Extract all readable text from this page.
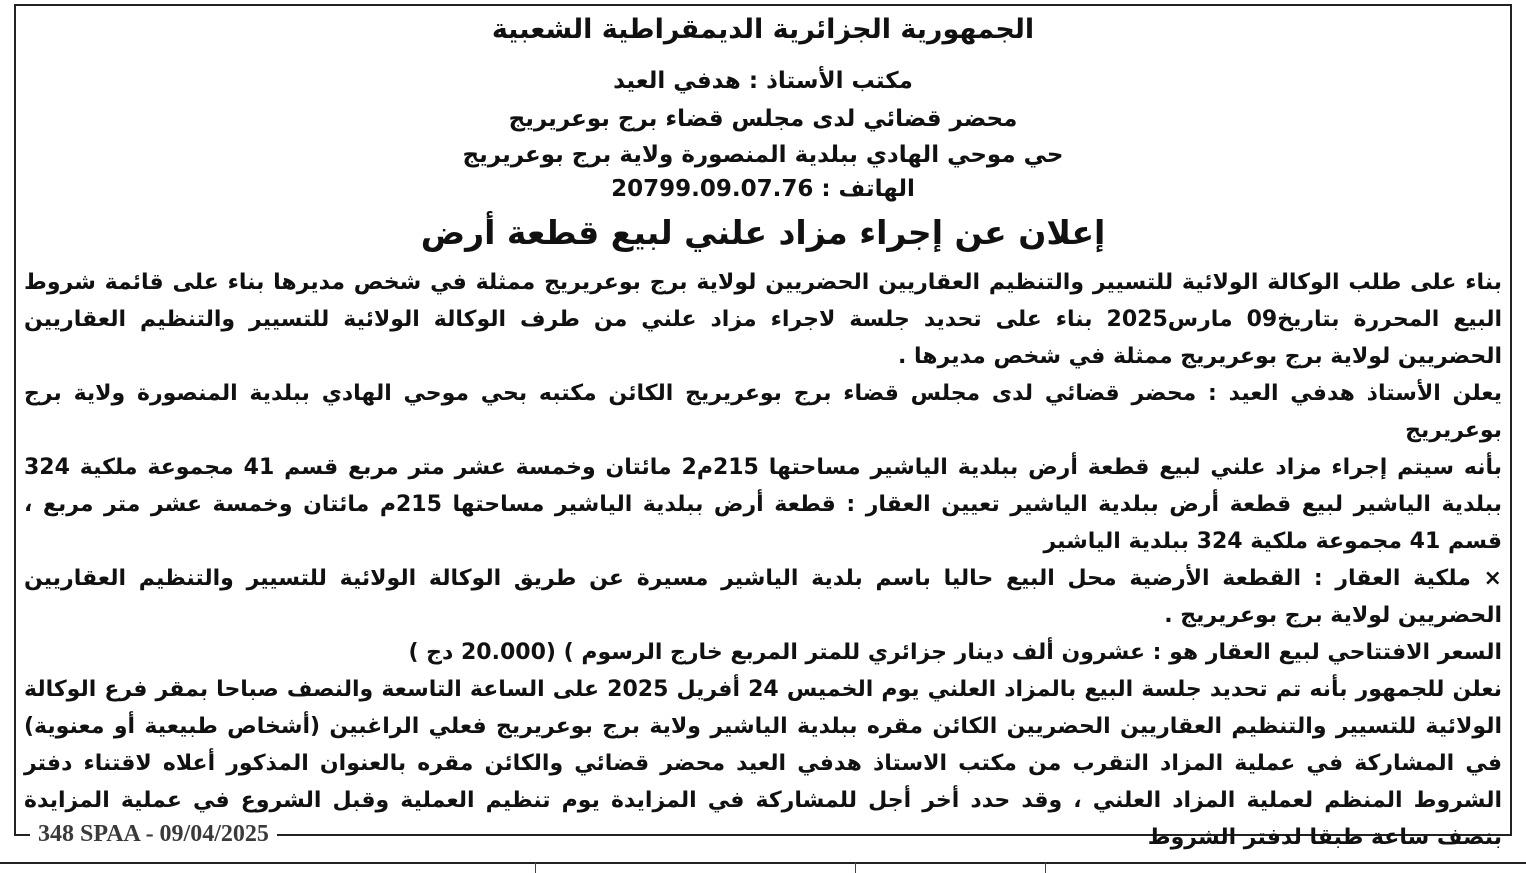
الجمهورية الجزائرية الديمقراطية الشعبية
مكتب الأستاذ : هدفي العيد
محضر قضائي لدى مجلس قضاء برج بوعريريج
حي موحي الهادي ببلدية المنصورة ولاية برج بوعريريج
الهاتف : 20799.09.07.76
إعلان عن إجراء مزاد علني لبيع قطعة أرض

بناء على طلب الوكالة الولائية للتسيير والتنظيم العقاريين الحضريين لولاية برج بوعريريج ممثلة في شخص مديرها بناء على قائمة شروط البيع المحررة بتاريخ09 مارس2025 بناء على تحديد جلسة لاجراء مزاد علني من طرف الوكالة الولائية للتسيير والتنظيم العقاريين الحضريين لولاية برج بوعريريج ممثلة في شخص مديرها .

يعلن الأستاذ هدفي العيد : محضر قضائي لدى مجلس قضاء برج بوعريريج الكائن مكتبه بحي موحي الهادي ببلدية المنصورة ولاية برج بوعريريج

بأنه سيتم إجراء مزاد علني لبيع قطعة أرض ببلدية الياشير مساحتها 215م2 مائتان وخمسة عشر متر مربع قسم 41 مجموعة ملكية 324 ببلدية الياشير لبيع قطعة أرض ببلدية الياشير تعيين العقار : قطعة أرض ببلدية الياشير مساحتها 215م مائتان وخمسة عشر متر مربع ، قسم 41 مجموعة ملكية 324 ببلدية الياشير

× ملكية العقار : القطعة الأرضية محل البيع حاليا باسم بلدية الياشير مسيرة عن طريق الوكالة الولائية للتسيير والتنظيم العقاريين الحضريين لولاية برج بوعريريج .

السعر الافتتاحي لبيع العقار هو : عشرون ألف دينار جزائري للمتر المربع خارج الرسوم ) (20.000 دج )

نعلن للجمهور بأنه تم تحديد جلسة البيع بالمزاد العلني يوم الخميس 24 أفريل 2025 على الساعة التاسعة والنصف صباحا بمقر فرع الوكالة الولائية للتسيير والتنظيم العقاريين الحضريين الكائن مقره ببلدية الياشير ولاية برج بوعريريج فعلي الراغبين (أشخاص طبيعية أو معنوية) في المشاركة في عملية المزاد التقرب من مكتب الاستاذ هدفي العيد محضر قضائي والكائن مقره بالعنوان المذكور أعلاه لاقتناء دفتر الشروط المنظم لعملية المزاد العلني ، وقد حدد أخر أجل للمشاركة في المزايدة يوم تنظيم العملية وقبل الشروع في عملية المزايدة بنصف ساعة طبقا لدفتر الشروط

348 SPAA - 09/04/2025
